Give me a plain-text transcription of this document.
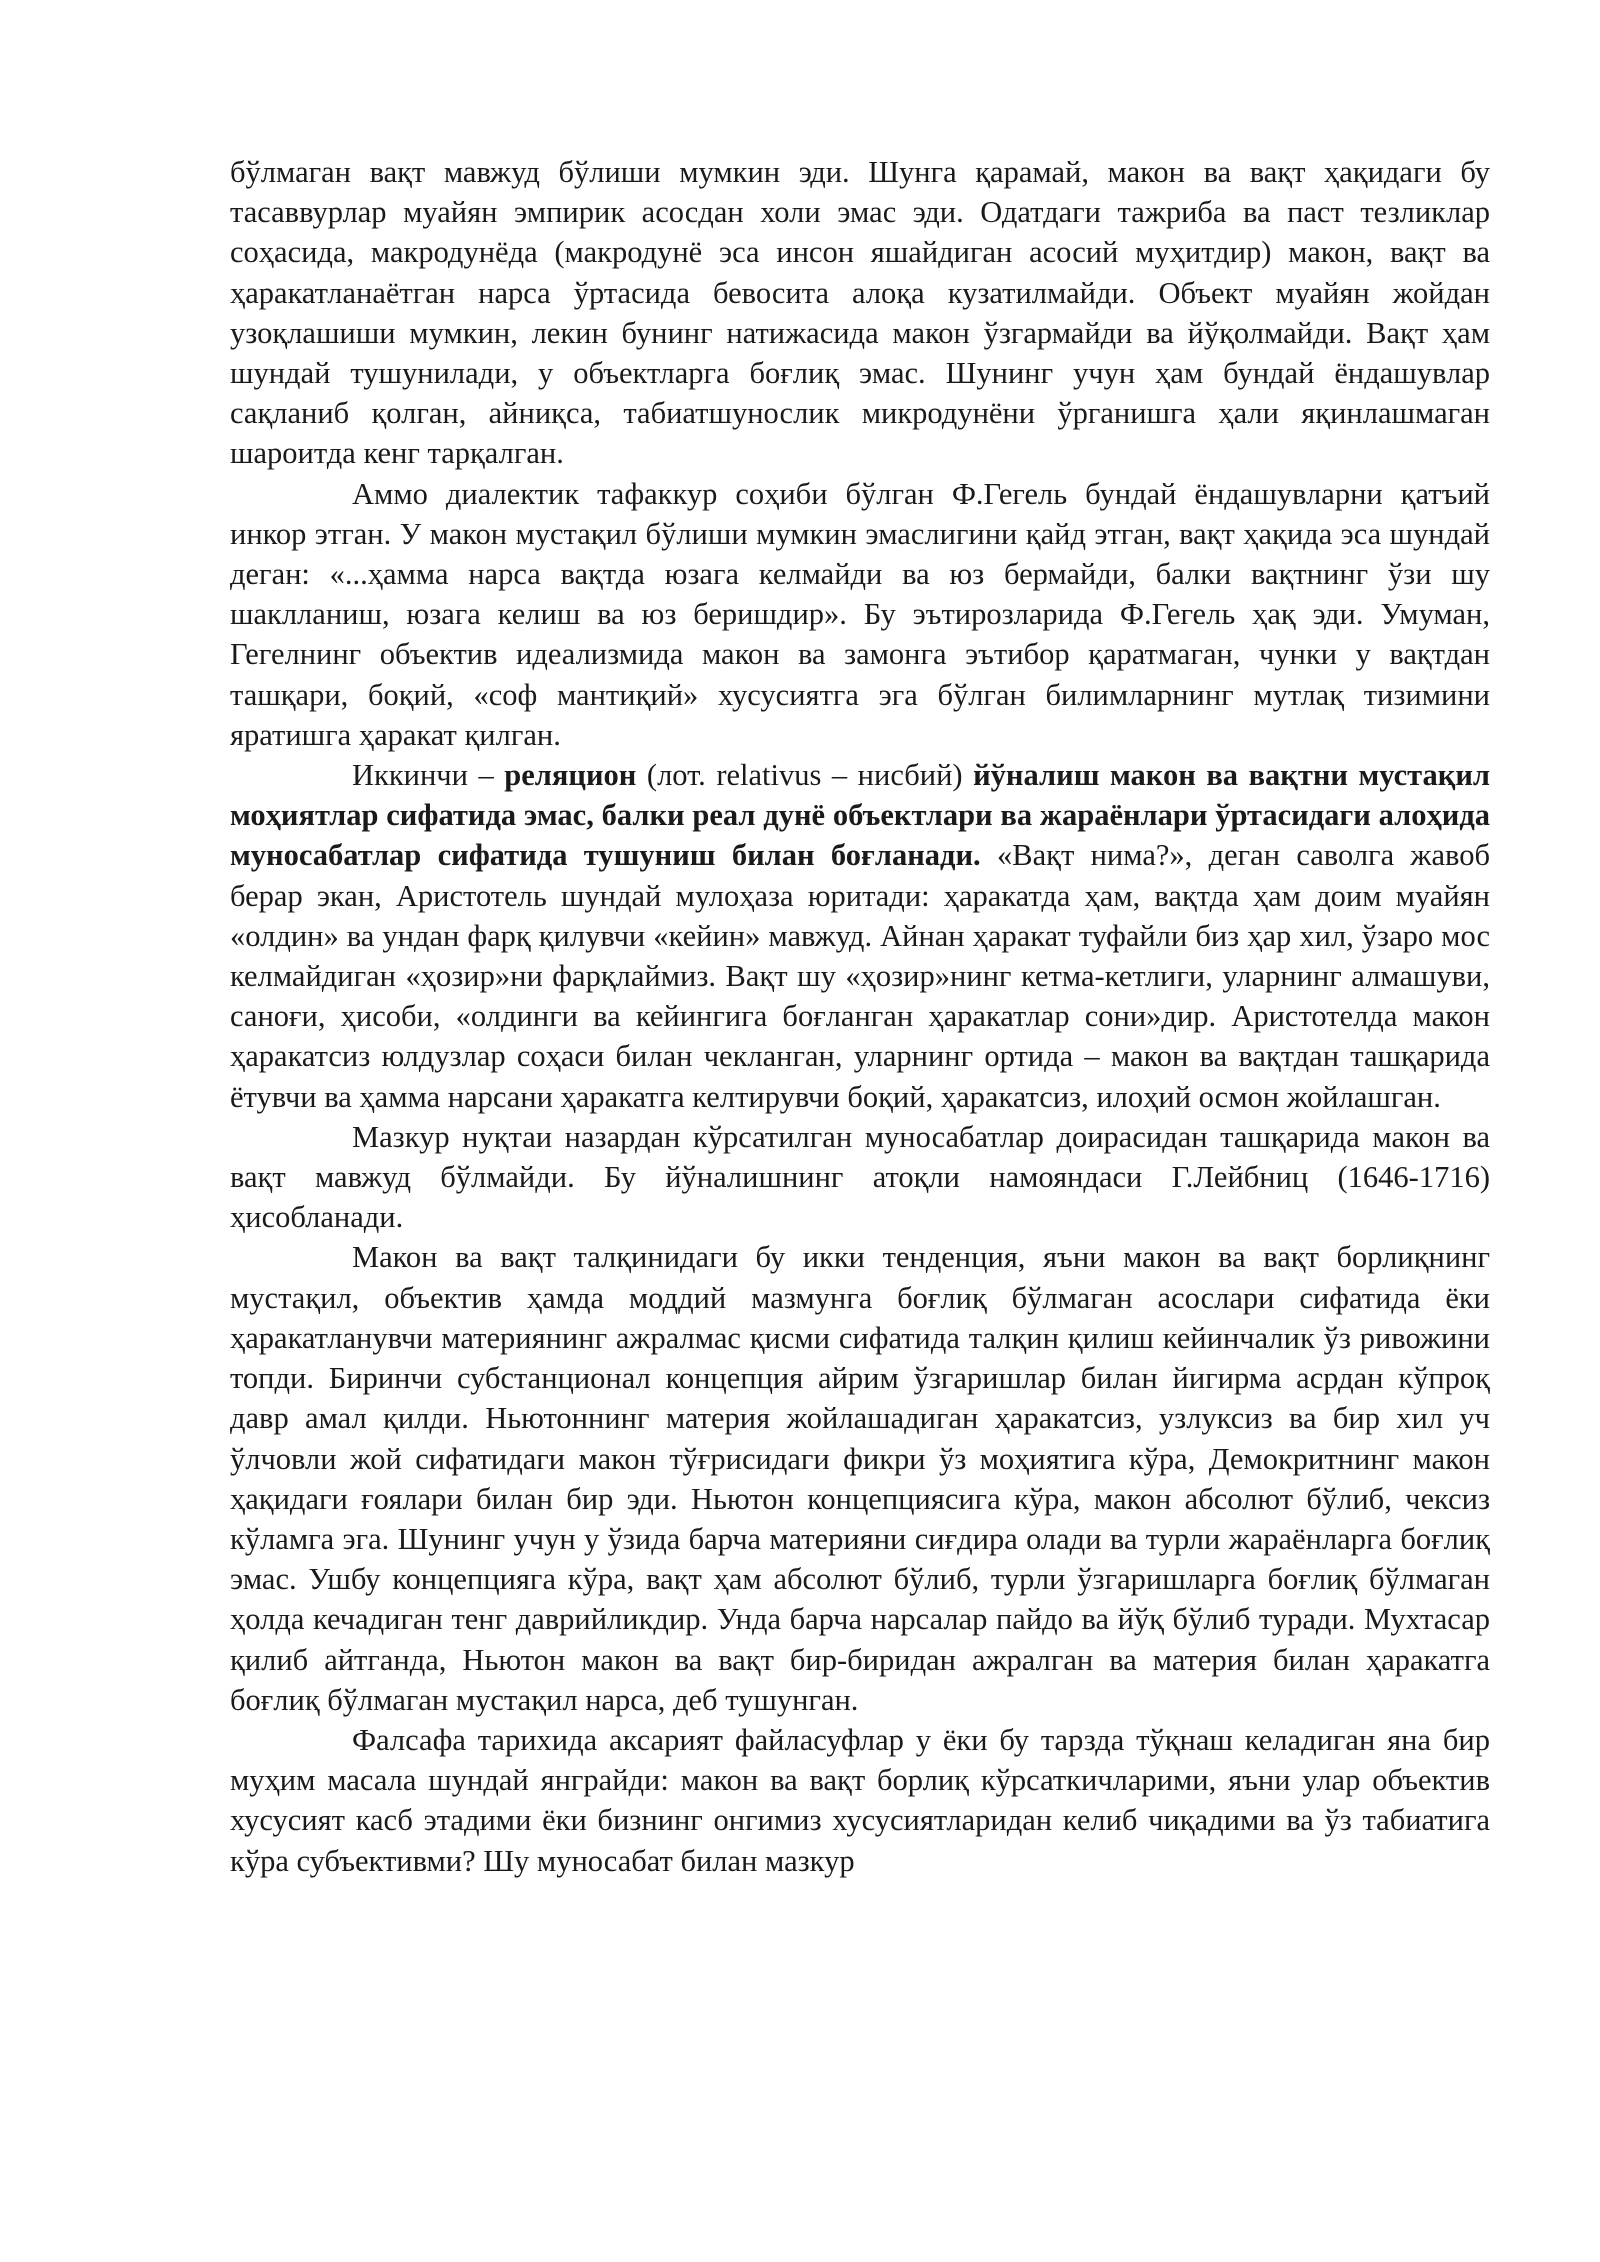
бўлмаган вақт мавжуд бўлиши мумкин эди. Шунга қарамай, макон ва вақт ҳақидаги бу тасаввурлар муайян эмпирик асосдан холи эмас эди. Одатдаги тажриба ва паст тезликлар соҳасида, макродунёда (макродунё эса инсон яшайдиган асосий муҳитдир) макон, вақт ва ҳаракатланаётган нарса ўртасида бевосита алоқа кузатилмайди. Объект муайян жойдан узоқлашиши мумкин, лекин бунинг натижасида макон ўзгармайди ва йўқолмайди. Вақт ҳам шундай тушунилади, у объектларга боғлиқ эмас. Шунинг учун ҳам бундай ёндашувлар сақланиб қолган, айниқса, табиатшунослик микродунёни ўрганишга ҳали яқинлашмаган шароитда кенг тарқалган.

Аммо диалектик тафаккур соҳиби бўлган Ф.Гегель бундай ёндашувларни қатъий инкор этган. У макон мустақил бўлиши мумкин эмаслигини қайд этган, вақт ҳақида эса шундай деган: «...ҳамма нарса вақтда юзага келмайди ва юз бермайди, балки вақтнинг ўзи шу шаклланиш, юзага келиш ва юз беришдир». Бу эътирозларида Ф.Гегель ҳақ эди. Умуман, Гегелнинг объектив идеализмида макон ва замонга эътибор қаратмаган, чунки у вақтдан ташқари, боқий, «соф мантиқий» хусусиятга эга бўлган билимларнинг мутлақ тизимини яратишга ҳаракат қилган.

Иккинчи – реляцион (лот. relativus – нисбий) йўналиш макон ва вақтни мустақил моҳиятлар сифатида эмас, балки реал дунё объектлари ва жараёнлари ўртасидаги алоҳида муносабатлар сифатида тушуниш билан боғланади. «Вақт нима?», деган саволга жавоб берар экан, Аристотель шундай мулоҳаза юритади: ҳаракатда ҳам, вақтда ҳам доим муайян «олдин» ва ундан фарқ қилувчи «кейин» мавжуд. Айнан ҳаракат туфайли биз ҳар хил, ўзаро мос келмайдиган «ҳозир»ни фарқлаймиз. Вақт шу «ҳозир»нинг кетма-кетлиги, уларнинг алмашуви, саноғи, ҳисоби, «олдинги ва кейингига боғланган ҳаракатлар сони»дир. Аристотелда макон ҳаракатсиз юлдузлар соҳаси билан чекланган, уларнинг ортида – макон ва вақтдан ташқарида ётувчи ва ҳамма нарсани ҳаракатга келтирувчи боқий, ҳаракатсиз, илоҳий осмон жойлашган.

Мазкур нуқтаи назардан кўрсатилган муносабатлар доирасидан ташқарида макон ва вақт мавжуд бўлмайди. Бу йўналишнинг атоқли намояндаси Г.Лейбниц (1646-1716) ҳисобланади.

Макон ва вақт талқинидаги бу икки тенденция, яъни макон ва вақт борлиқнинг мустақил, объектив ҳамда моддий мазмунга боғлиқ бўлмаган асослари сифатида ёки ҳаракатланувчи материянинг ажралмас қисми сифатида талқин қилиш кейинчалик ўз ривожини топди. Биринчи субстанционал концепция айрим ўзгаришлар билан йигирма асрдан кўпроқ давр амал қилди. Ньютоннинг материя жойлашадиган ҳаракатсиз, узлуксиз ва бир хил уч ўлчовли жой сифатидаги макон тўғрисидаги фикри ўз моҳиятига кўра, Демокритнинг макон ҳақидаги ғоялари билан бир эди. Ньютон концепциясига кўра, макон абсолют бўлиб, чексиз кўламга эга. Шунинг учун у ўзида барча материяни сиғдира олади ва турли жараёнларга боғлиқ эмас. Ушбу концепцияга кўра, вақт ҳам абсолют бўлиб, турли ўзгаришларга боғлиқ бўлмаган ҳолда кечадиган тенг даврийликдир. Унда барча нарсалар пайдо ва йўқ бўлиб туради. Мухтасар қилиб айтганда, Ньютон макон ва вақт бир-биридан ажралган ва материя билан ҳаракатга боғлиқ бўлмаган мустақил нарса, деб тушунган.

Фалсафа тарихида аксарият файласуфлар у ёки бу тарзда тўқнаш келадиган яна бир муҳим масала шундай янграйди: макон ва вақт борлиқ кўрсаткичларими, яъни улар объектив хусусият касб этадими ёки бизнинг онгимиз хусусиятларидан келиб чиқадими ва ўз табиатига кўра субъективми? Шу муносабат билан мазкур
